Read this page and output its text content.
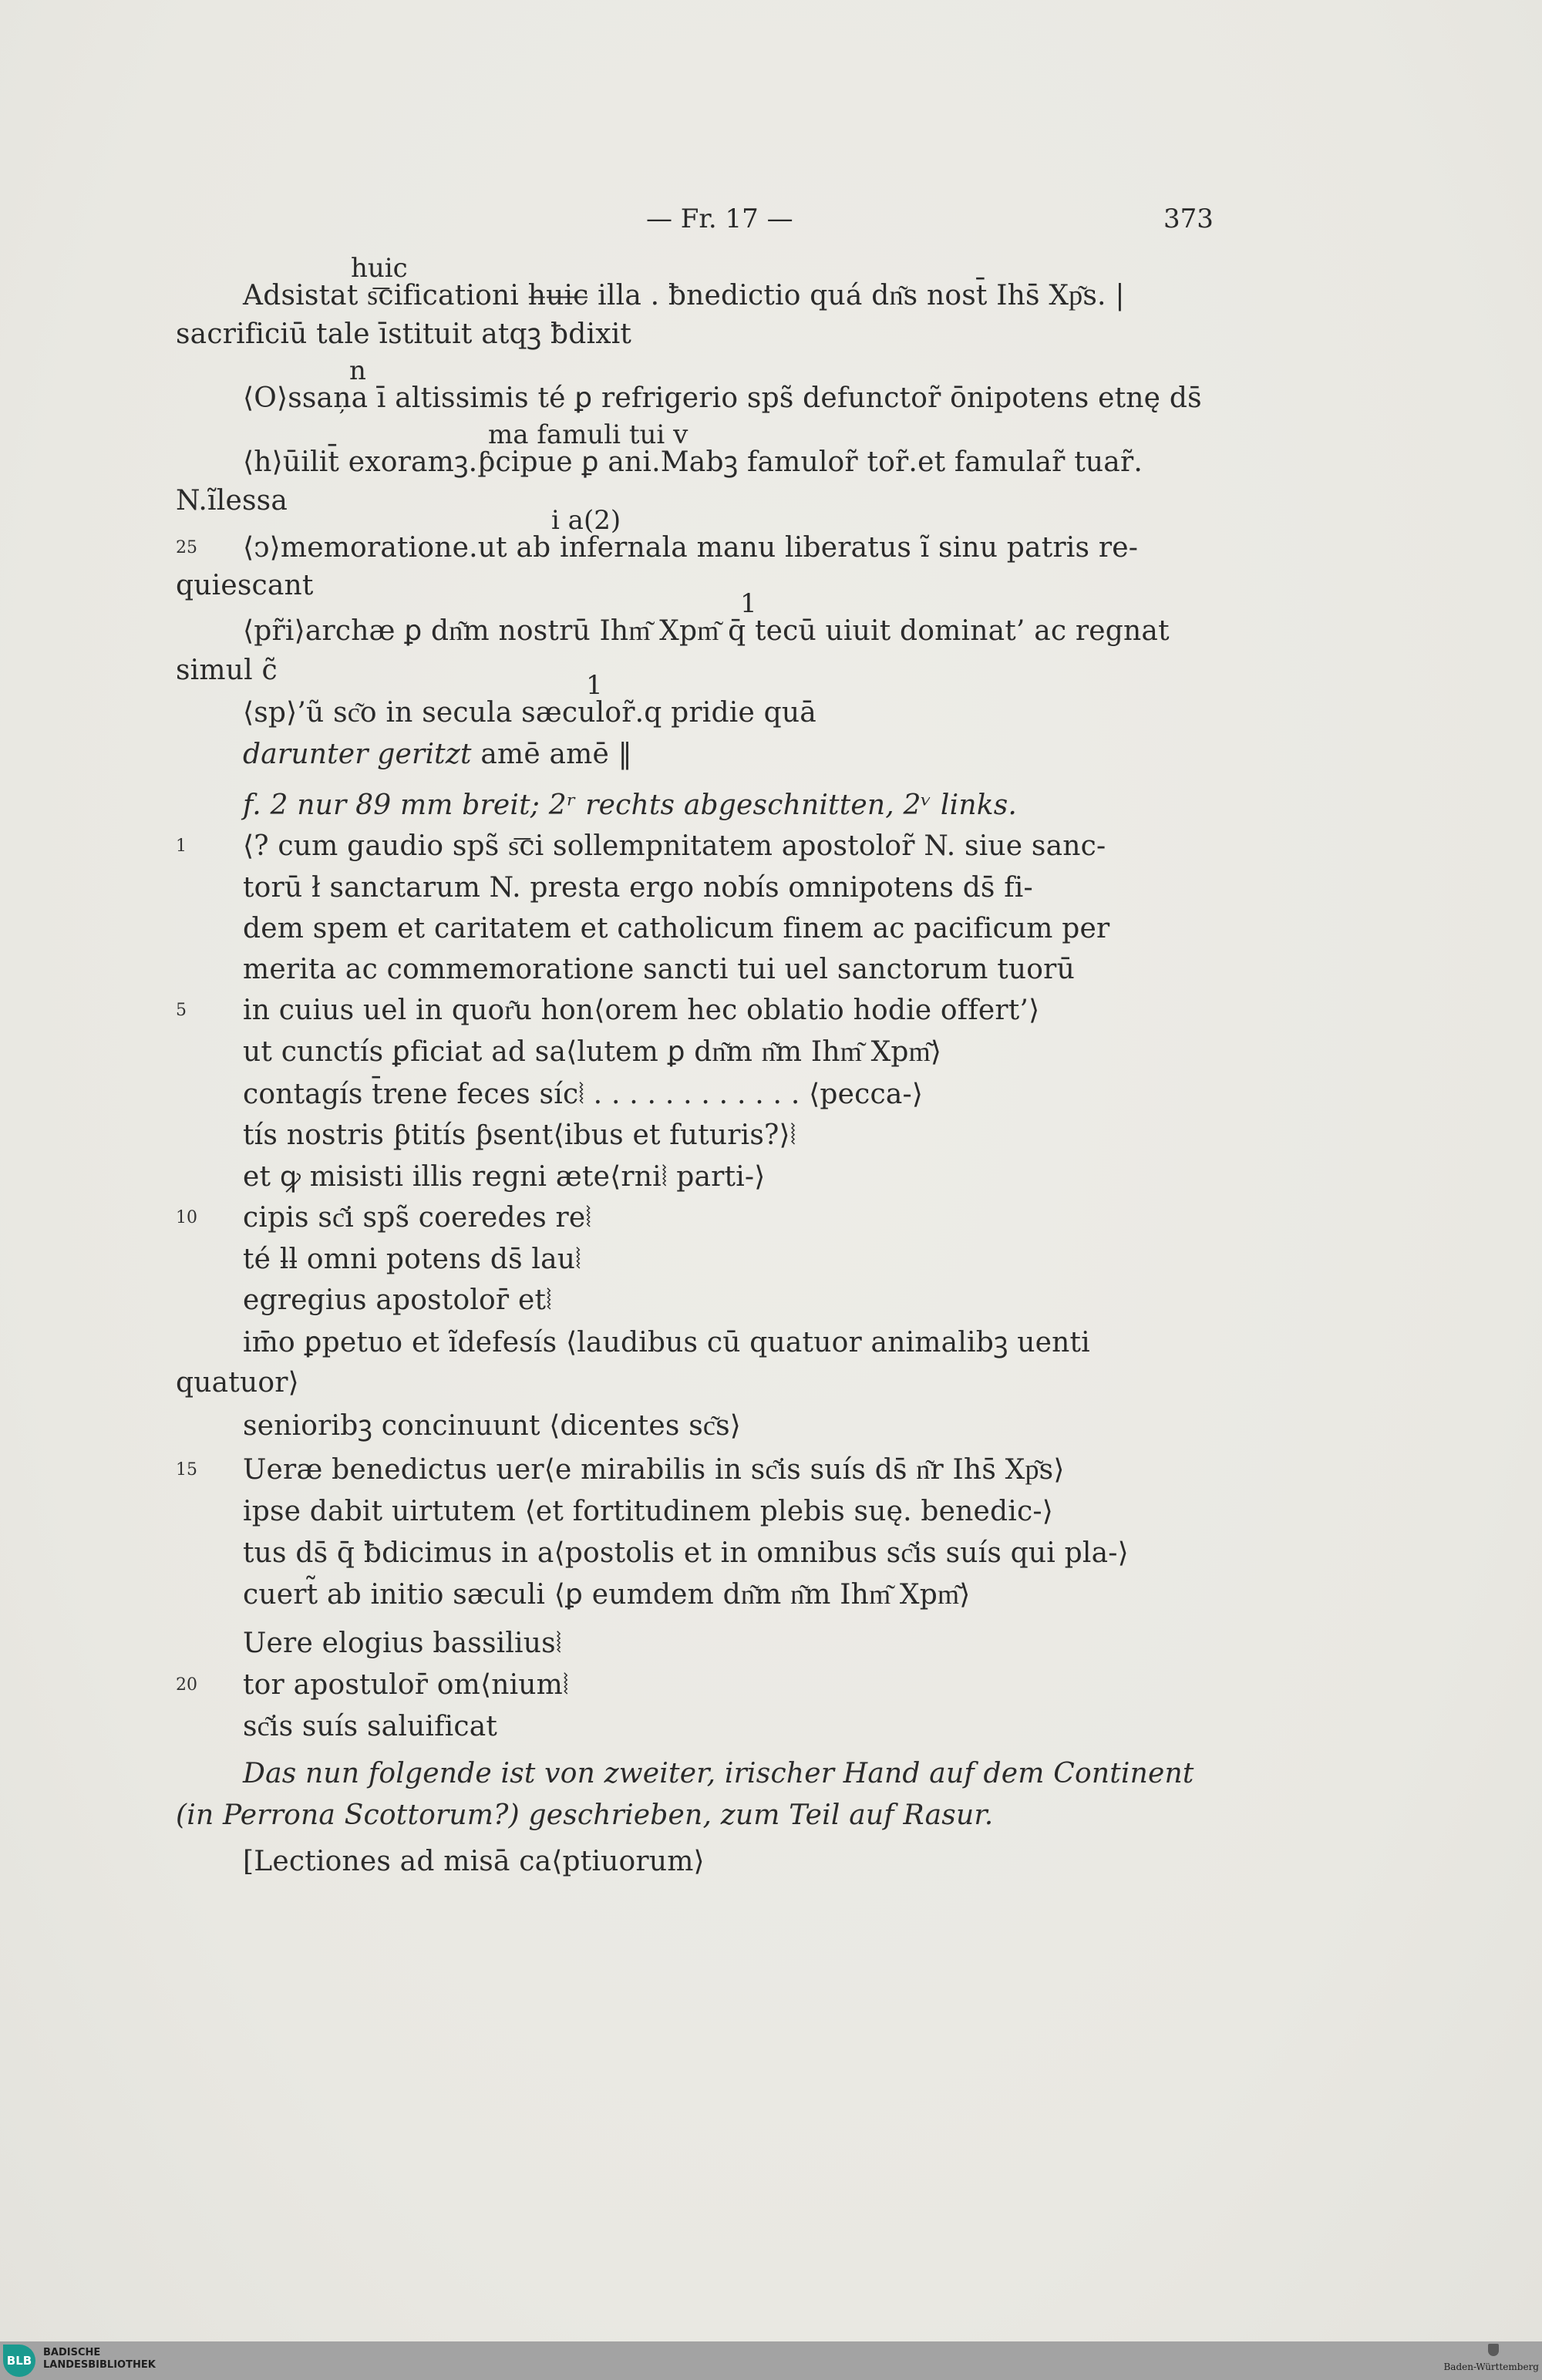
— Fr. 17 —	373
huic
Adsistat s͞cificationi h̶u̶i̶c̶ illa . ƀnedictio quá dn͂s nost̄ Ihs̄ Xp͂s. |
sacrificiū tale īstituit atqꝫ ƀdixit
n
⟨O⟩ssan̦a ī altissimis té ꝑ refrigerio sps̃ defunctor̃ ōnipotens etnę ds̄
ma famuli tui v
⟨h⟩ūilit̄ exoramꝫ.ƥcipue ꝑ ani.Mabꝫ famulor̃ tor̃.et famular̃ tuar̃.
N.ĩlessa
25
i a(2)
⟨ↄ⟩memoratione.ut ab infernala manu liberatus ĩ sinu patris re-
quiescant
1
⟨pr̃i⟩archæ ꝑ dn͂m nostrū Ihm͂ Xpm͂ q̄ tecū uiuit dominat’ ac regnat
simul c̃	1
⟨sp⟩’ũ sc͂o in secula sæculor̃.q pridie quā
darunter geritzt amē amē ‖
f. 2 nur 89 mm breit; 2ʳ rechts abgeschnitten, 2ᵛ links.
1 ⟨? cum gaudio sps̃ s͞ci sollempnitatem apostolor̃ N. siue sanc-
torū ł sanctarum N. presta ergo nobís omnipotens ds̄ fi-
dem spem et caritatem et catholicum finem ac pacificum per
merita ac commemoratione sancti tui uel sanctorum tuorū
5 in cuius uel in quor͂u hon⟨orem hec oblatio hodie offert’⟩
ut cunctís ꝑficiat ad sa⟨lutem ꝑ dn͂m n͂m Ihm͂ Xpm͂⟩
contagís t̄rene feces síc⦚ . . . . . . . . . . . . ⟨pecca-⟩
tís nostris ƥtitís ƥsent⟨ibus et futuris?⟩⦚
et ꝙ misisti illis regni æte⟨rni⦚ parti-⟩
10 cipis sc͂i sps̃ coeredes re⦚
té ƚƚ omni potens ds̄ lau⦚
egregius apostolor̄ et⦚
im̄o ꝑpetuo et ĩdefesís ⟨laudibus cū quatuor animalibꝫ uenti
quatuor⟩
senioribꝫ concinuunt ⟨dicentes sc͂s⟩
15 Ueræ benedictus uer⟨e mirabilis in sc͂is suís ds̄ n͂r Ihs̄ Xp͂s⟩
ipse dabit uirtutem ⟨et fortitudinem plebis suę. benedic-⟩
tus ds̄ q̄ ƀdicimus in a⟨postolis et in omnibus sc͂is suís qui pla-⟩
cuert̃ ab initio sæculi ⟨ꝑ eumdem dn͂m n͂m Ihm͂ Xpm͂⟩
Uere elogius bassilius⦚
20 tor apostulor̄ om⟨nium⦚
sc͂is suís saluificat
Das nun folgende ist von zweiter, irischer Hand auf dem Continent
(in Perrona Scottorum?) geschrieben, zum Teil auf Rasur.
[Lectiones ad misā ca⟨ptiuorum⟩
BLB
BADISCHE
LANDESBIBLIOTHEK	Baden-Württemberg
